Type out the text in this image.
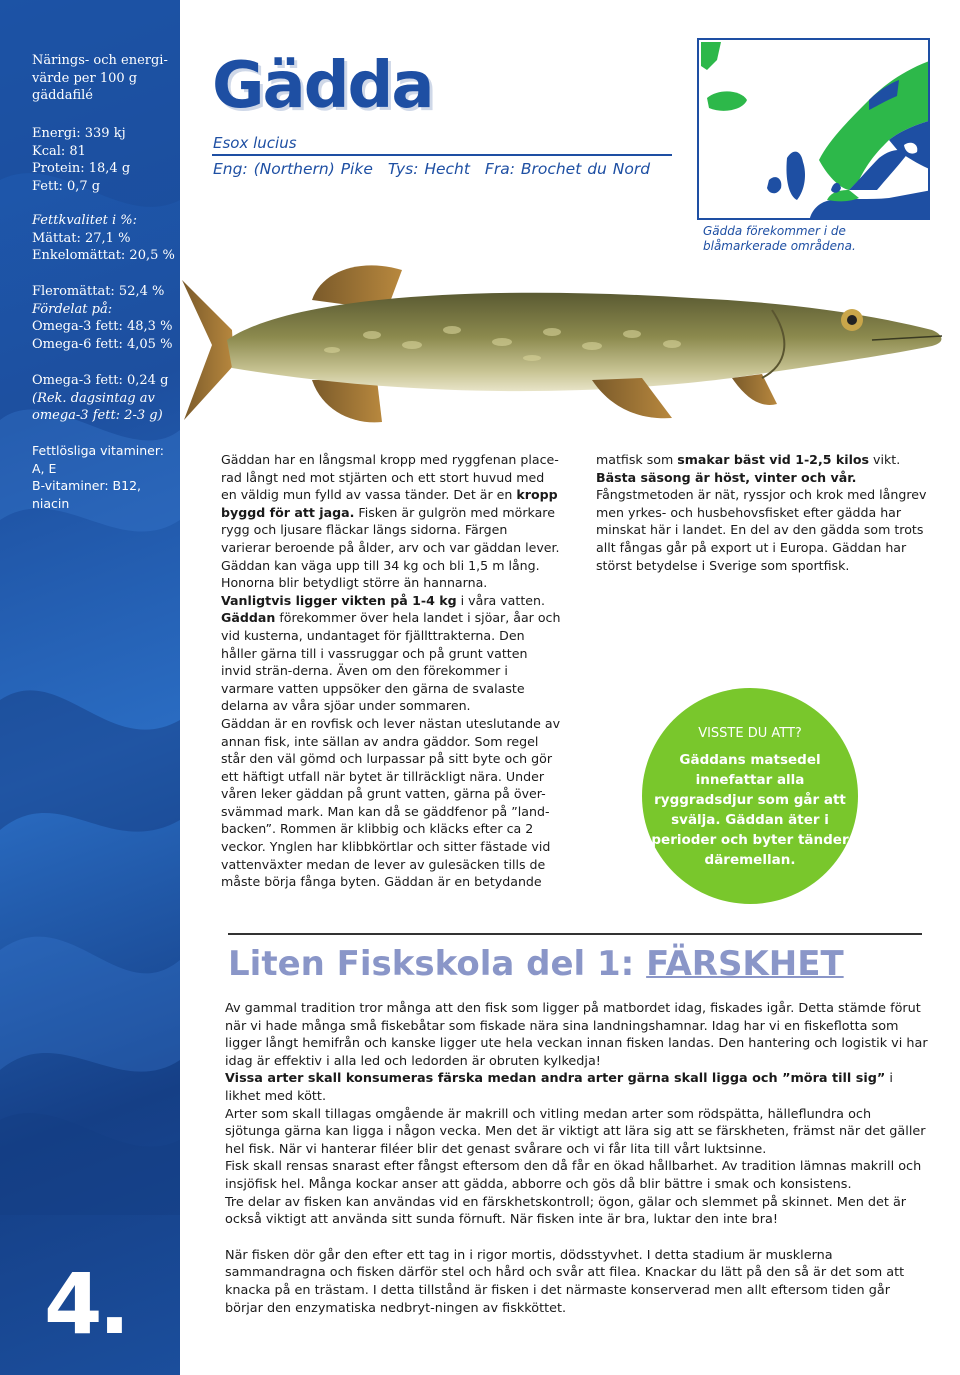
Närings- och energi-
värde per 100 g
gäddafilé
Energi: 339 kj
Kcal: 81
Protein: 18,4 g
Fett: 0,7 g
Fettkvalitet i %:
Mättat: 27,1 %
Enkelomättat: 20,5 %
Fleromättat: 52,4 %
Fördelat på:
Omega-3 fett: 48,3 %
Omega-6 fett: 4,05 %
Omega-3 fett: 0,24 g
(Rek. dagsintag av
omega-3 fett: 2-3 g)
Fettlösliga vitaminer:
A, E
B-vitaminer: B12,
niacin
4.
Gädda
Esox lucius
Eng: (Northern) Pike Tys: Hecht Fra: Brochet du Nord
Gädda förekommer i de blåmarkerade områdena.
Gäddan har en långsmal kropp med ryggfenan place-rad långt ned mot stjärten och ett stort huvud med en väldig mun fylld av vassa tänder. Det är en kropp byggd för att jaga. Fisken är gulgrön med mörkare rygg och ljusare fläckar längs sidorna. Färgen varierar beroende på ålder, arv och var gäddan lever.
Gäddan kan väga upp till 34 kg och bli 1,5 m lång.
Honorna blir betydligt större än hannarna. Vanligtvis ligger vikten på 1-4 kg i våra vatten.
Gäddan förekommer över hela landet i sjöar, åar och vid kusterna, undantaget för fjällttrakterna. Den håller gärna till i vassruggar och på grunt vatten invid strän-derna. Även om den förekommer i varmare vatten uppsöker den gärna de svalaste delarna av våra sjöar under sommaren.
Gäddan är en rovfisk och lever nästan uteslutande av annan fisk, inte sällan av andra gäddor. Som regel står den väl gömd och lurpassar på sitt byte och gör ett häftigt utfall när bytet är tillräckligt nära. Under våren leker gäddan på grunt vatten, gärna på över-svämmad mark. Man kan då se gäddfenor på ”land-backen”. Rommen är klibbig och kläcks efter ca 2 veckor. Ynglen har klibbkörtlar och sitter fästade vid vattenväxter medan de lever av gulesäcken tills de måste börja fånga byten. Gäddan är en betydande
matfisk som smakar bäst vid 1-2,5 kilos vikt.
Bästa säsong är höst, vinter och vår. Fångstmetoden är nät, ryssjor och krok med långrev men yrkes- och husbehovsfisket efter gädda har minskat här i landet. En del av den gädda som trots allt fångas går på export ut i Europa. Gäddan har störst betydelse i Sverige som sportfisk.
VISSTE DU ATT?
Gäddans matsedel innefattar alla ryggradsdjur som går att svälja. Gäddan äter i perioder och byter tänder däremellan.
Liten Fiskskola del 1: FÄRSKHET

Av gammal tradition tror många att den fisk som ligger på matbordet idag, fiskades igår. Detta stämde förut när vi hade många små fiskebåtar som fiskade nära sina landningshamnar. Idag har vi en fiskeflotta som ligger långt hemifrån och kanske ligger ute hela veckan innan fisken landas. Den hantering och logistik vi har idag är effektiv i alla led och ledorden är obruten kylkedja!

Vissa arter skall konsumeras färska medan andra arter gärna skall ligga och ”möra till sig” i likhet med kött.

Arter som skall tillagas omgående är makrill och vitling medan arter som rödspätta, hälleflundra och sjötunga gärna kan ligga i någon vecka. Men det är viktigt att lära sig att se färskheten, främst när det gäller hel fisk. När vi hanterar filéer blir det genast svårare och vi får lita till vårt luktsinne.

Fisk skall rensas snarast efter fångst eftersom den då får en ökad hållbarhet. Av tradition lämnas makrill och insjöfisk hel. Många kockar anser att gädda, abborre och gös då blir bättre i smak och konsistens.

Tre delar av fisken kan användas vid en färskhetskontroll; ögon, gälar och slemmet på skinnet. Men det är också viktigt att använda sitt sunda förnuft. När fisken inte är bra, luktar den inte bra!

När fisken dör går den efter ett tag in i rigor mortis, dödsstyvhet. I detta stadium är musklerna sammandragna och fisken därför stel och hård och svår att filea. Knackar du lätt på den så är det som att knacka på en trästam. I detta tillstånd är fisken i det närmaste konserverad men allt eftersom tiden går börjar den enzymatiska nedbryt-ningen av fiskköttet.
